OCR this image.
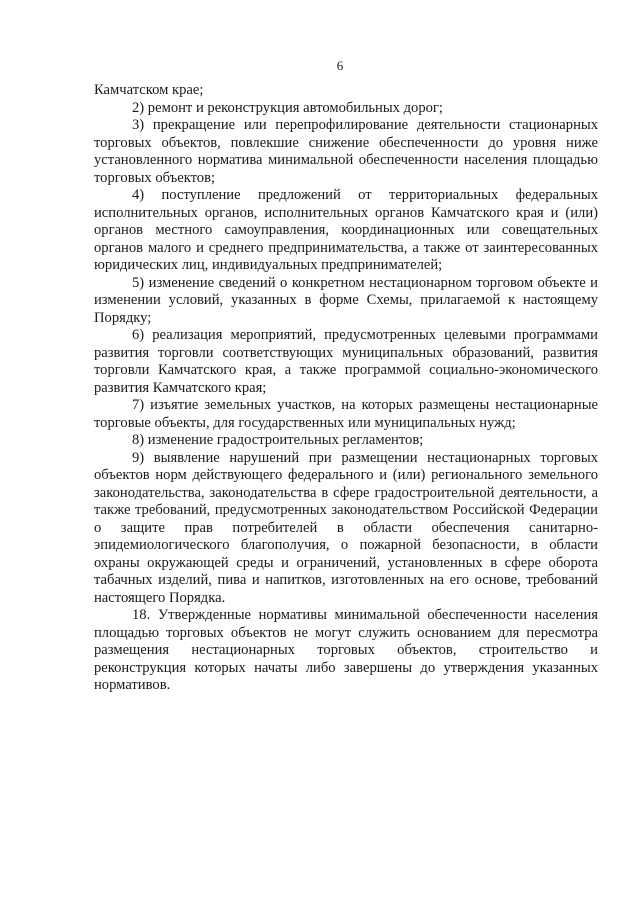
6

Камчатском крае;

2) ремонт и реконструкция автомобильных дорог;

3) прекращение или перепрофилирование деятельности стационарных торговых объектов, повлекшие снижение обеспеченности до уровня ниже установленного норматива минимальной обеспеченности населения площадью торговых объектов;

4) поступление предложений от территориальных федеральных исполнительных органов, исполнительных органов Камчатского края и (или) органов местного самоуправления, координационных или совещательных органов малого и среднего предпринимательства, а также от заинтересованных юридических лиц, индивидуальных предпринимателей;

5) изменение сведений о конкретном нестационарном торговом объекте и изменении условий, указанных в форме Схемы, прилагаемой к настоящему Порядку;

6) реализация мероприятий, предусмотренных целевыми программами развития торговли соответствующих муниципальных образований, развития торговли Камчатского края, а также программой социально-экономического развития Камчатского края;

7) изъятие земельных участков, на которых размещены нестационарные торговые объекты, для государственных или муниципальных нужд;

8) изменение градостроительных регламентов;

9) выявление нарушений при размещении нестационарных торговых объектов норм действующего федерального и (или) регионального земельного законодательства, законодательства в сфере градостроительной деятельности, а также требований, предусмотренных законодательством Российской Федерации о защите прав потребителей в области обеспечения санитарно-эпидемиологического благополучия, о пожарной безопасности, в области охраны окружающей среды и ограничений, установленных в сфере оборота табачных изделий, пива и напитков, изготовленных на его основе, требований настоящего Порядка.

18. Утвержденные нормативы минимальной обеспеченности населения площадью торговых объектов не могут служить основанием для пересмотра размещения нестационарных торговых объектов, строительство и реконструкция которых начаты либо завершены до утверждения указанных нормативов.
